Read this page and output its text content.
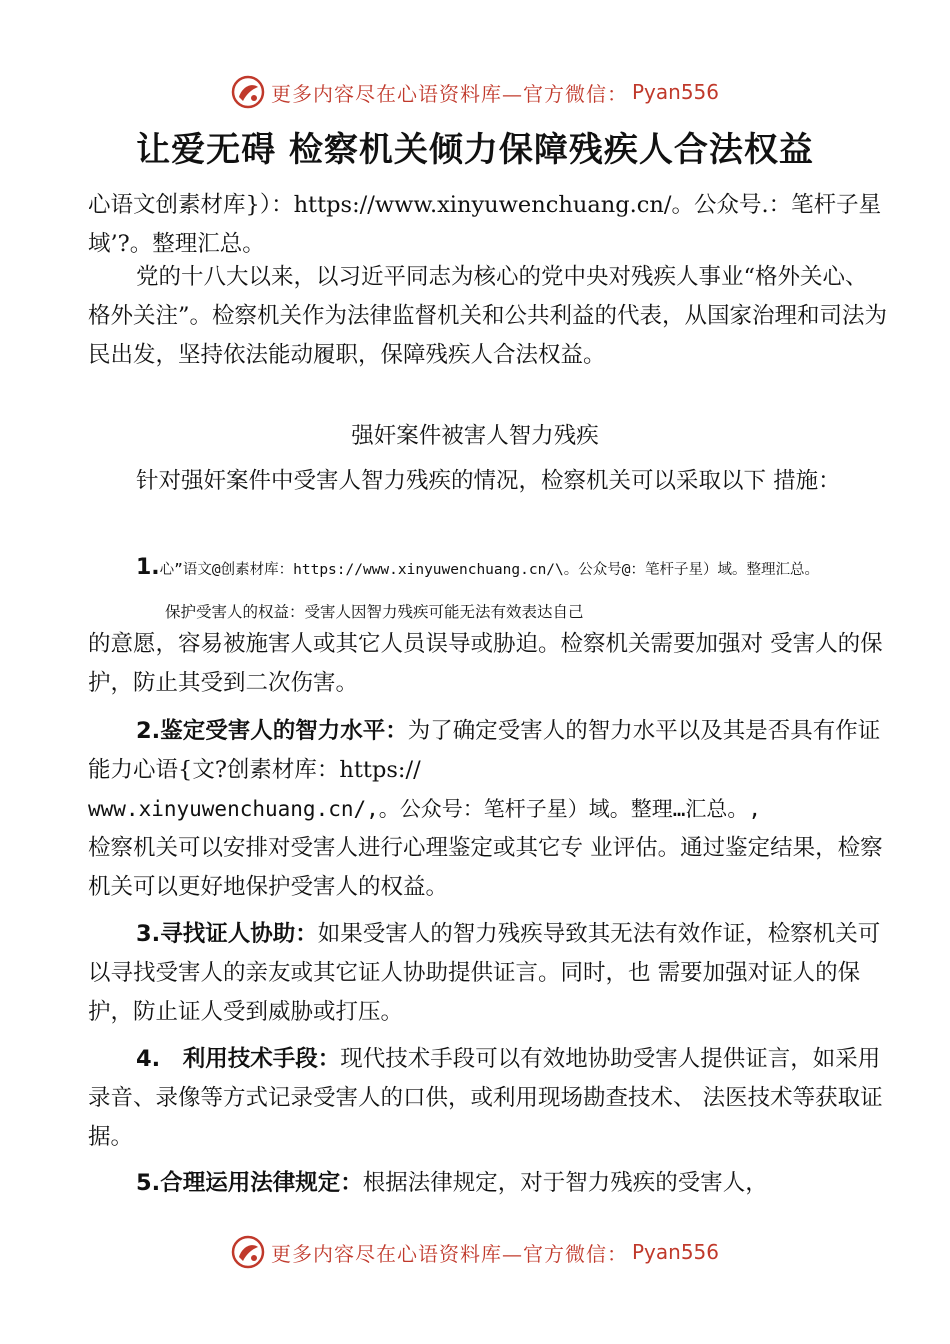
更多内容尽在心语资料库—官方微信： Pyan556
让爱无碍 检察机关倾力保障残疾人合法权益

心语文创素材库}）：https://www.xinyuwenchuang.cn/。公众号.：笔杆子星域’?。整理汇总。

党的十八大以来，以习近平同志为核心的党中央对残疾人事业“格外关心、格外关注”。检察机关作为法律监督机关和公共利益的代表，从国家治理和司法为民出发，坚持依法能动履职，保障残疾人合法权益。

强奸案件被害人智力残疾

针对强奸案件中受害人智力残疾的情况，检察机关可以采取以下 措施：

1.心”语文@创素材库：https://www.xinyuwenchuang.cn/\。公众号@：笔杆子星）域。整理汇总。
保护受害人的权益：受害人因智力残疾可能无法有效表达自己

的意愿，容易被施害人或其它人员误导或胁迫。检察机关需要加强对 受害人的保护，防止其受到二次伤害。

2.鉴定受害人的智力水平：为了确定受害人的智力水平以及其是否具有作证能力心语{文?创素材库：https://

www.xinyuwenchuang.cn/,。公众号：笔杆子星）域。整理…汇总。,

检察机关可以安排对受害人进行心理鉴定或其它专 业评估。通过鉴定结果，检察机关可以更好地保护受害人的权益。

3.寻找证人协助：如果受害人的智力残疾导致其无法有效作证，检察机关可以寻找受害人的亲友或其它证人协助提供证言。同时，也 需要加强对证人的保护，防止证人受到威胁或打压。

4.　利用技术手段：现代技术手段可以有效地协助受害人提供证言，如采用录音、录像等方式记录受害人的口供，或利用现场勘查技术、 法医技术等获取证据。

5.合理运用法律规定：根据法律规定，对于智力残疾的受害人，

更多内容尽在心语资料库—官方微信： Pyan556
